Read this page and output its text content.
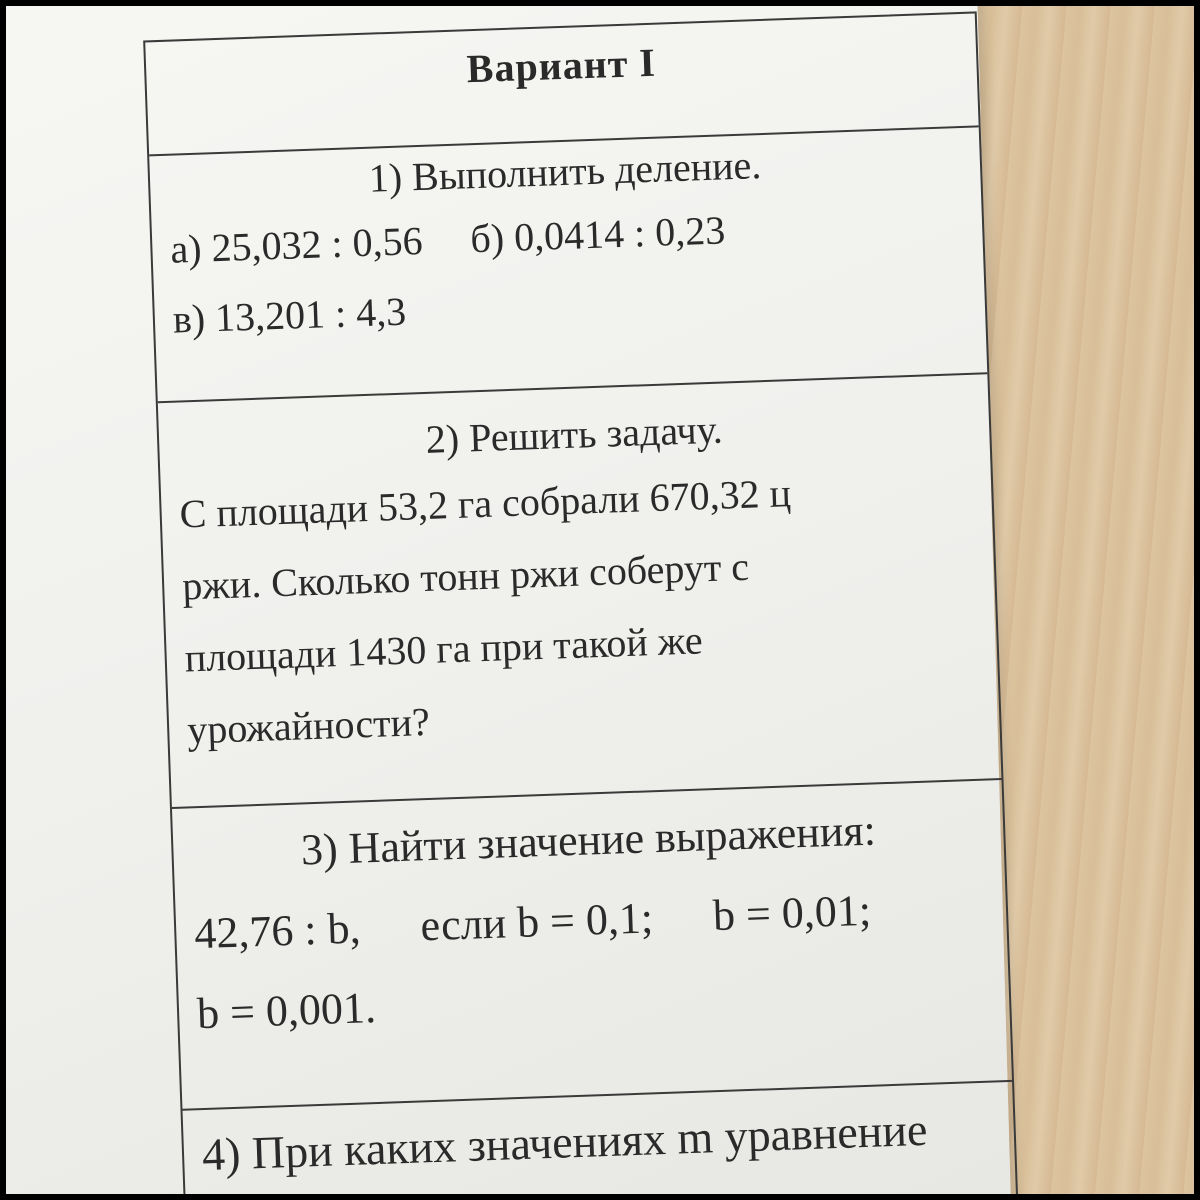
Вариант I
1) Выполнить деление.
а) 25,032 : 0,56 б) 0,0414 : 0,23
в) 13,201 : 4,3
2) Решить задачу.
С площади 53,2 га собрали 670,32 ц
ржи. Сколько тонн ржи соберут с
площади 1430 га при такой же
урожайности?
3) Найти значение выражения:
42,76 : b, если b = 0,1; b = 0,01;
b = 0,001.
4) При каких значениях m уравнение
